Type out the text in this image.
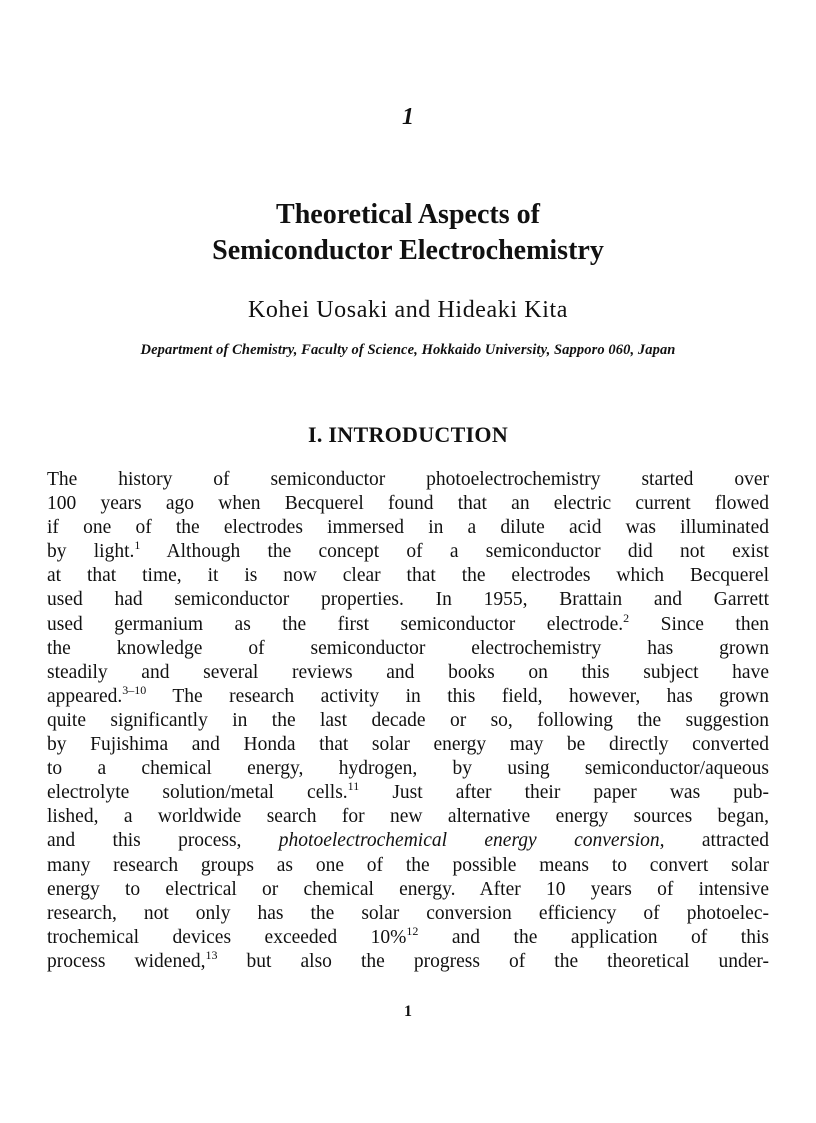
1
Theoretical Aspects of
Semiconductor Electrochemistry
Kohei Uosaki and Hideaki Kita
Department of Chemistry, Faculty of Science, Hokkaido University, Sapporo 060, Japan
I. INTRODUCTION
The history of semiconductor photoelectrochemistry started over
100 years ago when Becquerel found that an electric current flowed
if one of the electrodes immersed in a dilute acid was illuminated
by light.$^1$ Although the concept of a semiconductor did not exist
at that time, it is now clear that the electrodes which Becquerel
used had semiconductor properties. In 1955, Brattain and Garrett
used germanium as the first semiconductor electrode.$^2$ Since then
the knowledge of semiconductor electrochemistry has grown
steadily and several reviews and books on this subject have
appeared.$^{3-10}$ The research activity in this field, however, has grown
quite significantly in the last decade or so, following the suggestion
by Fujishima and Honda that solar energy may be directly converted
to a chemical energy, hydrogen, by using semiconductor/aqueous
electrolyte solution/metal cells.$^{11}$ Just after their paper was pub-
lished, a worldwide search for new alternative energy sources began,
and this process, photoelectrochemical energy conversion, attracted
many research groups as one of the possible means to convert solar
energy to electrical or chemical energy. After 10 years of intensive
research, not only has the solar conversion efficiency of photoelec-
trochemical devices exceeded 10%$^{12}$ and the application of this
process widened,$^{13}$ but also the progress of the theoretical under-
1
